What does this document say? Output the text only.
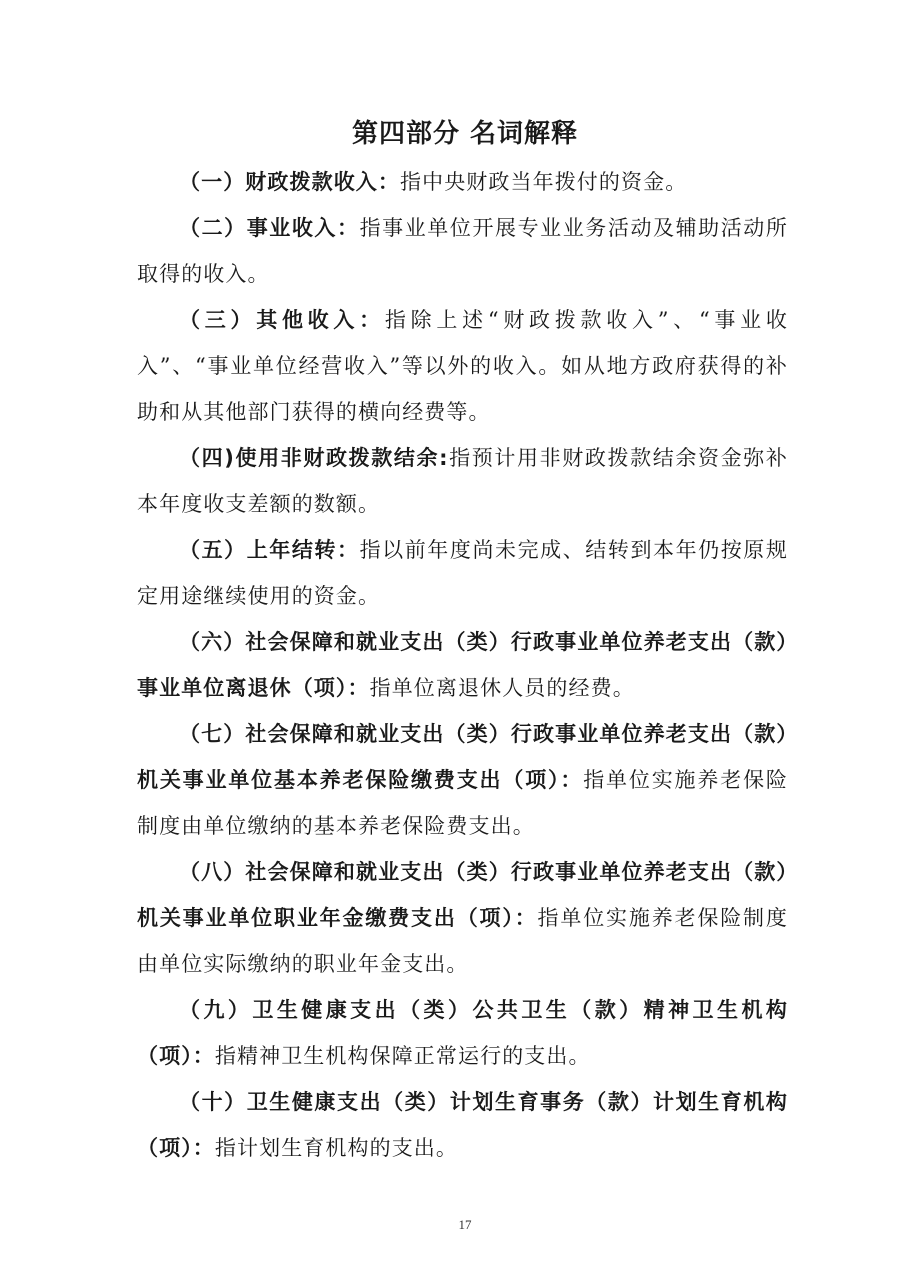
第四部分 名词解释

（一）财政拨款收入：指中央财政当年拨付的资金。

（二）事业收入：指事业单位开展专业业务活动及辅助活动所取得的收入。

（三）其他收入：指除上述“财政拨款收入”、“事业收入”、“事业单位经营收入”等以外的收入。如从地方政府获得的补助和从其他部门获得的横向经费等。

（四)使用非财政拨款结余:指预计用非财政拨款结余资金弥补本年度收支差额的数额。

（五）上年结转：指以前年度尚未完成、结转到本年仍按原规定用途继续使用的资金。

（六）社会保障和就业支出（类）行政事业单位养老支出（款）事业单位离退休（项）：指单位离退休人员的经费。

（七）社会保障和就业支出（类）行政事业单位养老支出（款）机关事业单位基本养老保险缴费支出（项）：指单位实施养老保险制度由单位缴纳的基本养老保险费支出。

（八）社会保障和就业支出（类）行政事业单位养老支出（款）机关事业单位职业年金缴费支出（项）：指单位实施养老保险制度由单位实际缴纳的职业年金支出。

（九）卫生健康支出（类）公共卫生（款）精神卫生机构（项）：指精神卫生机构保障正常运行的支出。

（十）卫生健康支出（类）计划生育事务（款）计划生育机构（项）：指计划生育机构的支出。

17
